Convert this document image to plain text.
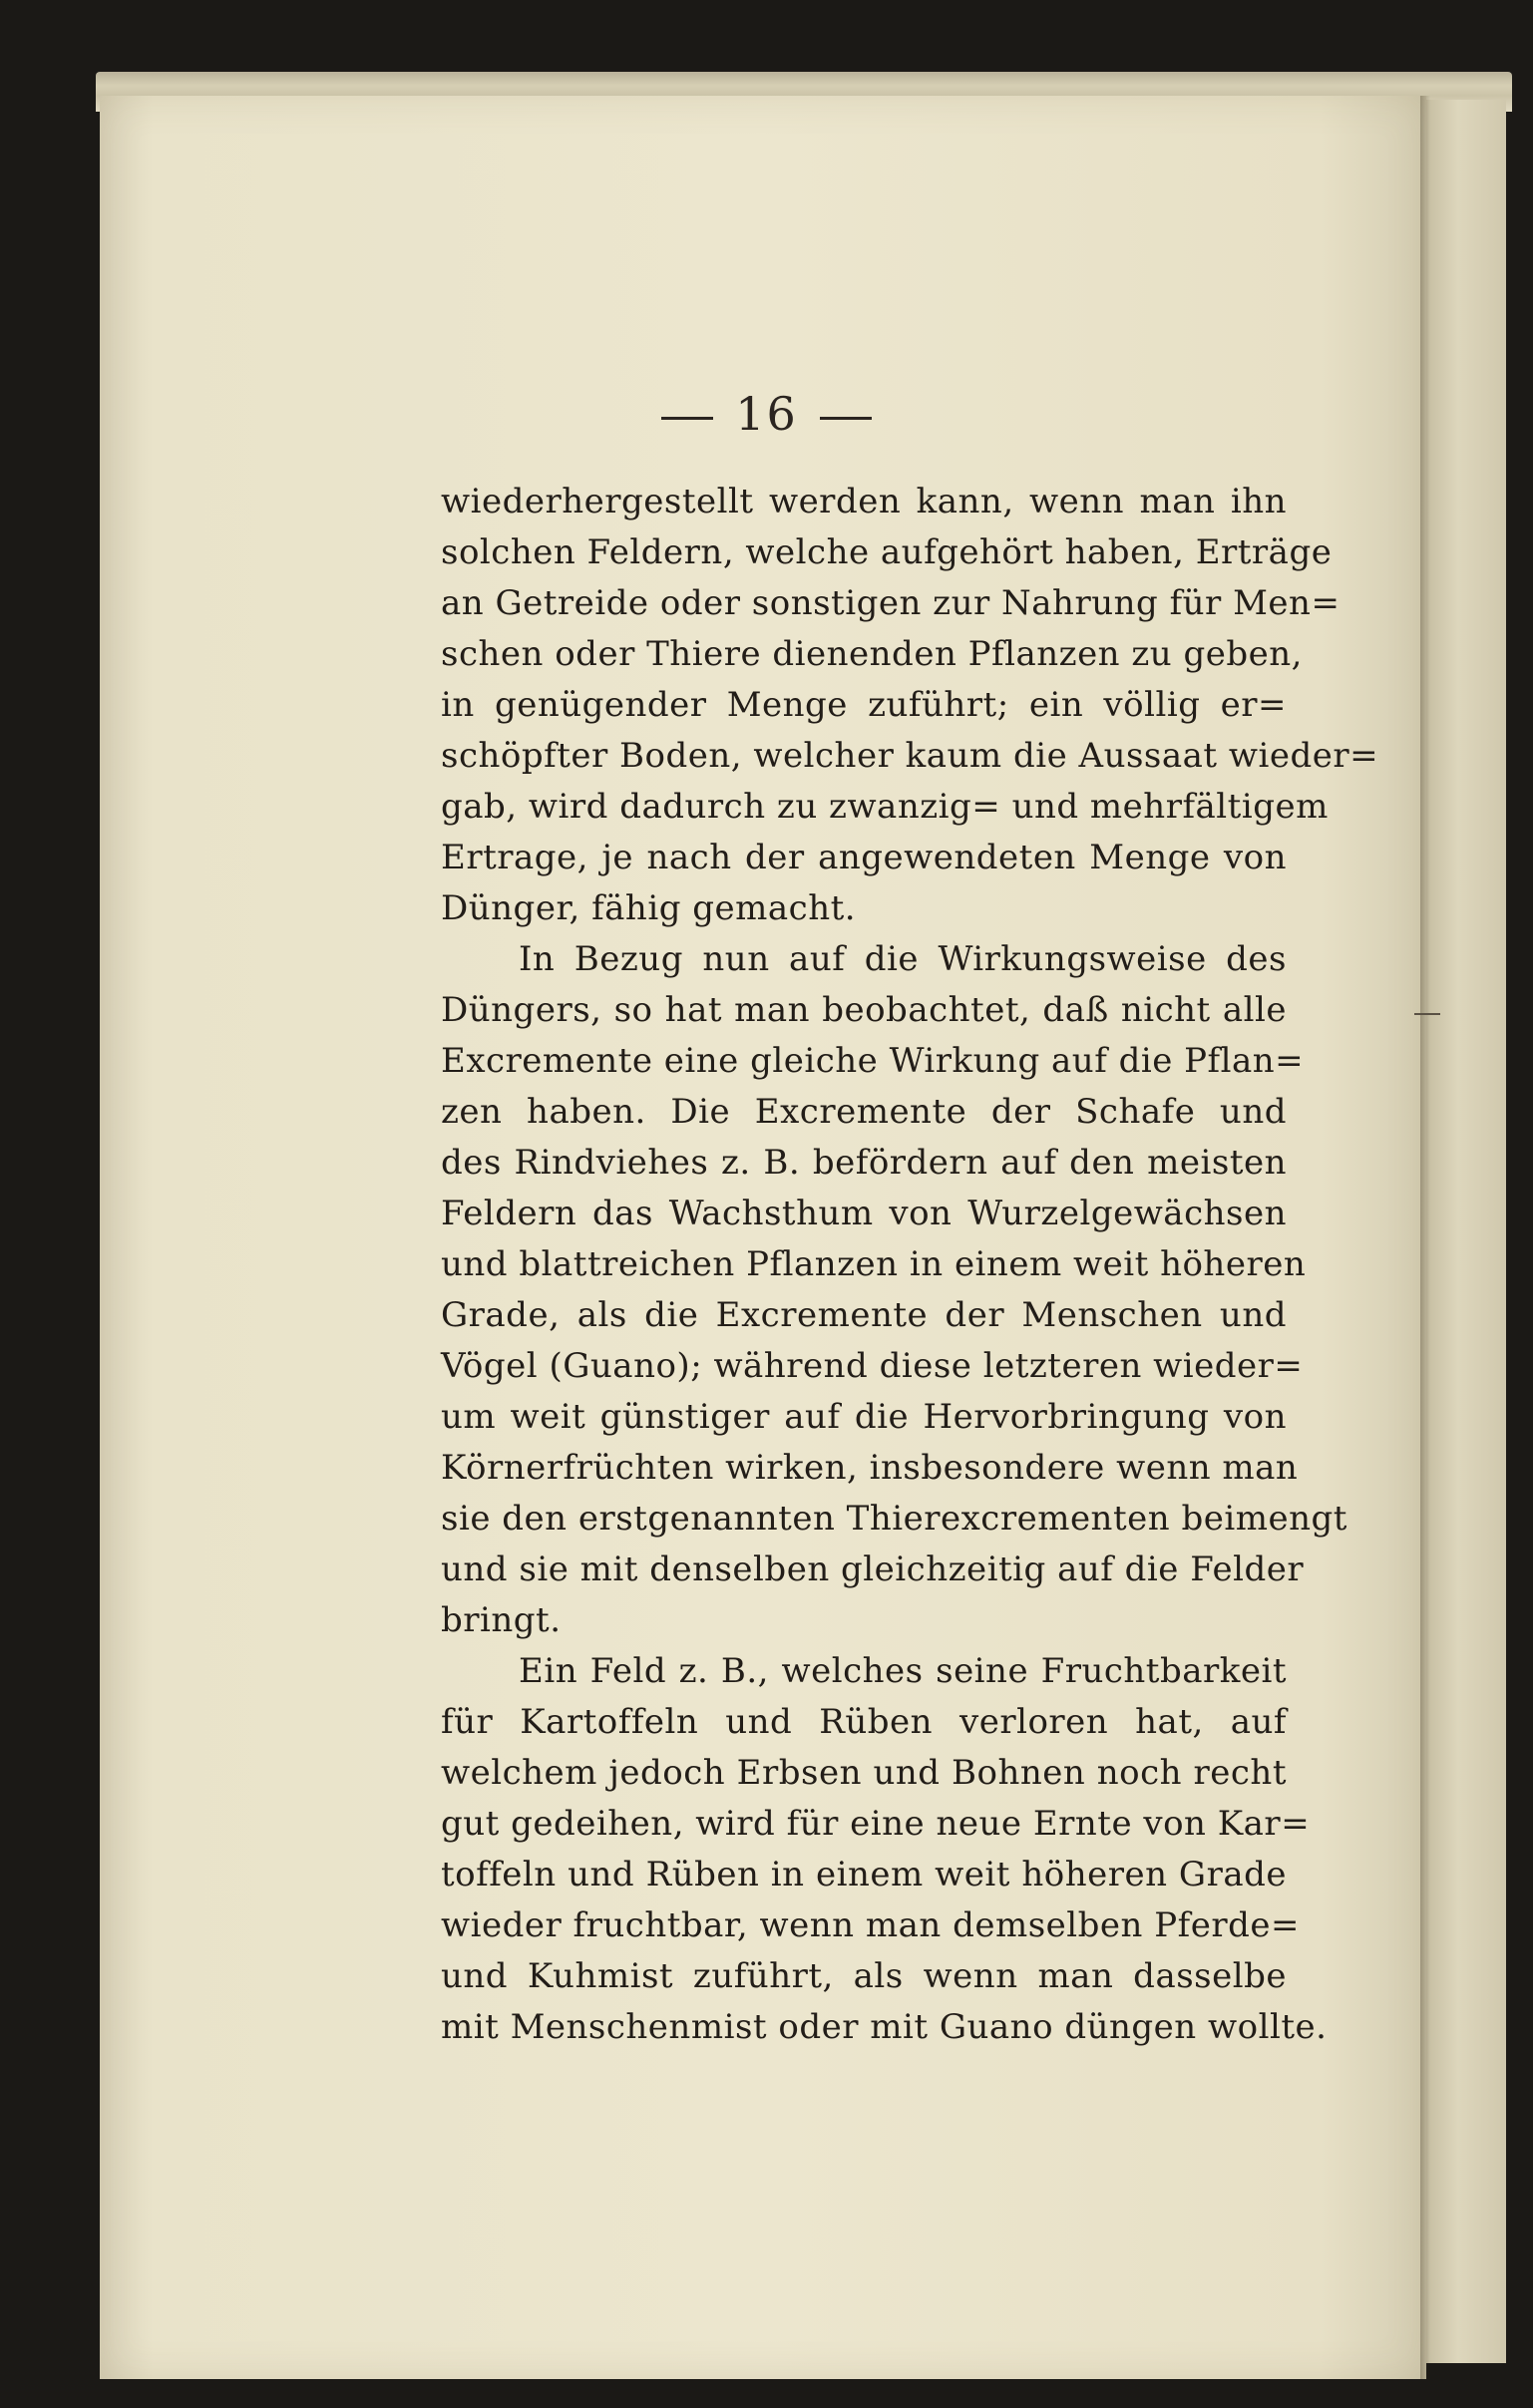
16
wiederhergestellt werden kann, wenn man ihn
solchen Feldern, welche aufgehört haben, Erträge
an Getreide oder sonstigen zur Nahrung für Men=
schen oder Thiere dienenden Pflanzen zu geben,
in genügender Menge zuführt; ein völlig er=
schöpfter Boden, welcher kaum die Aussaat wieder=
gab, wird dadurch zu zwanzig= und mehrfältigem
Ertrage, je nach der angewendeten Menge von
Dünger, fähig gemacht.
In Bezug nun auf die Wirkungsweise des
Düngers, so hat man beobachtet, daß nicht alle
Excremente eine gleiche Wirkung auf die Pflan=
zen haben. Die Excremente der Schafe und
des Rindviehes z. B. befördern auf den meisten
Feldern das Wachsthum von Wurzelgewächsen
und blattreichen Pflanzen in einem weit höheren
Grade, als die Excremente der Menschen und
Vögel (Guano); während diese letzteren wieder=
um weit günstiger auf die Hervorbringung von
Körnerfrüchten wirken, insbesondere wenn man
sie den erstgenannten Thierexcrementen beimengt
und sie mit denselben gleichzeitig auf die Felder
bringt.
Ein Feld z. B., welches seine Fruchtbarkeit
für Kartoffeln und Rüben verloren hat, auf
welchem jedoch Erbsen und Bohnen noch recht
gut gedeihen, wird für eine neue Ernte von Kar=
toffeln und Rüben in einem weit höheren Grade
wieder fruchtbar, wenn man demselben Pferde=
und Kuhmist zuführt, als wenn man dasselbe
mit Menschenmist oder mit Guano düngen wollte.
